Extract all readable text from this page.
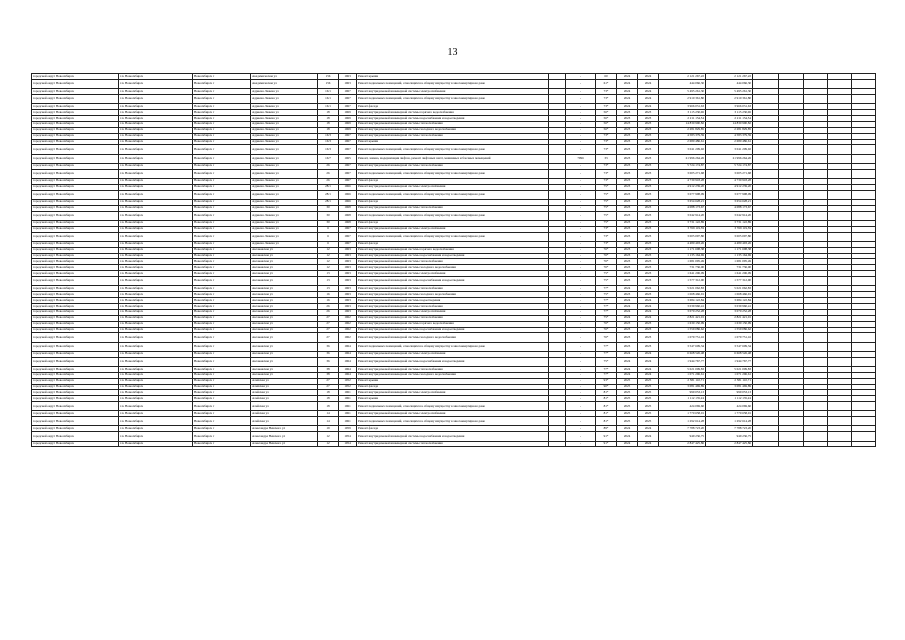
13
городской округ Новосибирск	г.п. Новосибирск	Новосибирск г	Академическая ул	156	1963	Ремонт крыши		-	60	2024	2024	2 121 267,22	2 121 267,22					
городской округ Новосибирск	г.п. Новосибирск	Новосибирск г	Академическая ул	156	1963	Ремонт подвальных помещений, относящихся к общему имуществу в многоквартирном доме		-	61*	2024	2024	444 066,30	444 066,30					
городской округ Новосибирск	г.п. Новосибирск	Новосибирск г	Адриена Лежена ул	16/1	1967	Ремонт внутридомовой инженерной системы электроснабжения		-	73*	2024	2024	5 495 261,30	5 495 261,30					
городской округ Новосибирск	г.п. Новосибирск	Новосибирск г	Адриена Лежена ул	16/1	1967	Ремонт подвальных помещений, относящихся к общему имуществу в многоквартирном доме		-	73*	2024	2024	2 910 361,80	2 910 361,80					
городской округ Новосибирск	г.п. Новосибирск	Новосибирск г	Адриена Лежена ул	16/1	1967	Ремонт фасада		-	73*	2024	2024	3 966 031,63	3 966 031,63					
городской округ Новосибирск	г.п. Новосибирск	Новосибирск г	Адриена Лежена ул	18	1969	Ремонт внутридомовой инженерной системы горячего водоснабжения		-	56*	2023	2023	3 115 230,06	3 115 230,06					
городской округ Новосибирск	г.п. Новосибирск	Новосибирск г	Адриена Лежена ул	18	1969	Ремонт внутридомовой инженерной системы водоснабжения и водоотведения		-	56*	2023	2023	2 211 154,54	2 211 154,54					
городской округ Новосибирск	г.п. Новосибирск	Новосибирск г	Адриена Лежена ул	18	1969	Ремонт внутридомовой инженерной системы теплоснабжения		-	56*	2023	2023	14 830 990,82	14 830 990,82					
городской округ Новосибирск	г.п. Новосибирск	Новосибирск г	Адриена Лежена ул	18	1969	Ремонт внутридомовой инженерной системы холодного водоснабжения		-	56*	2023	2023	2 281 829,85	2 281 829,85					
городской округ Новосибирск	г.п. Новосибирск	Новосибирск г	Адриена Лежена ул	16/3	1967	Ремонт внутридомовой инженерной системы теплоснабжения		-	73*	2023	2023	4 583 379,59	4 583 379,59					
городской округ Новосибирск	г.п. Новосибирск	Новосибирск г	Адриена Лежена ул	16/3	1967	Ремонт крыши		-	73*	2023	2023	2 680 486,61	2 680 486,61					
городской округ Новосибирск	г.п. Новосибирск	Новосибирск г	Адриена Лежена ул	16/3	1967	Ремонт подвальных помещений, относящихся к общему имуществу в многоквартирном доме		-	73*	2023	2023	3 041 209,92	3 041 209,92					
городской округ Новосибирск	г.п. Новосибирск	Новосибирск г	Адриена Лежена ул	16/7	1965	Ремонт, замена, модернизация лифтов, ремонт лифтовых шахт, машинных и блочных помещений		7996	33	2023	2023	21 996 264,26	21 996 264,26					
городской округ Новосибирск	г.п. Новосибирск	Новосибирск г	Адриена Лежена ул	26	1967	Ремонт внутридомовой инженерной системы теплоснабжения		-	73*	2023	2023	5 724 174,87	5 724 174,87					
городской округ Новосибирск	г.п. Новосибирск	Новосибирск г	Адриена Лежена ул	26	1967	Ремонт подвальных помещений, относящихся к общему имуществу в многоквартирном доме		-	73*	2023	2023	3 005 271,68	3 005 271,68					
городской округ Новосибирск	г.п. Новосибирск	Новосибирск г	Адриена Лежена ул	26	1967	Ремонт фасада		-	73*	2023	2023	4 730 918,28	4 730 918,28					
городской округ Новосибирск	г.п. Новосибирск	Новосибирск г	Адриена Лежена ул	28/1	1966	Ремонт внутридомовой инженерной системы электроснабжения		-	75*	2023	2023	4 912 239,20	4 912 239,20					
городской округ Новосибирск	г.п. Новосибирск	Новосибирск г	Адриена Лежена ул	28/1	1966	Ремонт подвальных помещений, относящихся к общему имуществу в многоквартирном доме		-	75*	2023	2023	3 077 998,09	3 077 998,09					
городской округ Новосибирск	г.п. Новосибирск	Новосибирск г	Адриена Лежена ул	28/1	1966	Ремонт фасада		-	75*	2023	2023	3 654 628,21	3 654 628,21					
городской округ Новосибирск	г.п. Новосибирск	Новосибирск г	Адриена Лежена ул	30	1968	Ремонт внутридомовой инженерной системы теплоснабжения		-	75*	2023	2023	4 088 173,67	4 088 173,67					
городской округ Новосибирск	г.п. Новосибирск	Новосибирск г	Адриена Лежена ул	30	1968	Ремонт подвальных помещений, относящихся к общему имуществу в многоквартирном доме		-	75*	2023	2023	3 042 914,20	3 042 914,20					
городской округ Новосибирск	г.п. Новосибирск	Новосибирск г	Адриена Лежена ул	30	1968	Ремонт фасада		-	75*	2023	2023	3 731 122,89	3 731 122,89					
городской округ Новосибирск	г.п. Новосибирск	Новосибирск г	Адриена Лежена ул	6	1967	Ремонт внутридомовой инженерной системы электроснабжения		-	73*	2023	2023	3 769 119,59	3 769 119,59					
городской округ Новосибирск	г.п. Новосибирск	Новосибирск г	Адриена Лежена ул	6	1967	Ремонт подвальных помещений, относящихся к общему имуществу в многоквартирном доме		-	73*	2023	2023	3 005 097,80	3 005 097,80					
городской округ Новосибирск	г.п. Новосибирск	Новосибирск г	Адриена Лежена ул	6	1967	Ремонт фасада		-	73*	2023	2023	4 480 493,26	4 480 493,26					
городской округ Новосибирск	г.п. Новосибирск	Новосибирск г	Аксаковская ул	12	1963	Ремонт внутридомовой инженерной системы горячего водоснабжения		-	76*	2023	2023	1 171 698,38	1 171 698,38					
городской округ Новосибирск	г.п. Новосибирск	Новосибирск г	Аксаковская ул	12	1963	Ремонт внутридомовой инженерной системы водоснабжения и водоотведения		-	76*	2023	2023	1 135 164,69	1 135 164,69					
городской округ Новосибирск	г.п. Новосибирск	Новосибирск г	Аксаковская ул	12	1963	Ремонт внутридомовой инженерной системы теплоснабжения		-	76*	2023	2023	1 681 095,49	1 681 095,49					
городской округ Новосибирск	г.п. Новосибирск	Новосибирск г	Аксаковская ул	12	1963	Ремонт внутридомовой инженерной системы холодного водоснабжения		-	76*	2023	2023	731 736,00	731 736,00					
городской округ Новосибирск	г.п. Новосибирск	Новосибирск г	Аксаковская ул	13	1963	Ремонт внутридомовой инженерной системы электроснабжения		-	75*	2023	2023	1 641 206,09	1 641 206,09					
городской округ Новосибирск	г.п. Новосибирск	Новосибирск г	Аксаковская ул	13	1963	Ремонт внутридомовой инженерной системы водоснабжения и водоотведения		-	75*	2023	2023	1 577 312,90	1 577 312,90					
городской округ Новосибирск	г.п. Новосибирск	Новосибирск г	Аксаковская ул	13	1963	Ремонт внутридомовой инженерной системы теплоснабжения		-	77*	2024	2024	5 021 062,83	5 021 062,83					
городской округ Новосибирск	г.п. Новосибирск	Новосибирск г	Аксаковская ул	16	1963	Ремонт внутридомовой инженерной системы холодного водоснабжения		-	75*	2023	2023	1 068 466,91	1 068 466,91					
городской округ Новосибирск	г.п. Новосибирск	Новосибирск г	Аксаковская ул	16	1963	Ремонт внутридомовой инженерной системы водоотведения		-	77*	2024	2024	3 684 122,84	3 684 122,84					
городской округ Новосибирск	г.п. Новосибирск	Новосибирск г	Аксаковская ул	26	1963	Ремонт внутридомовой инженерной системы теплоснабжения		-	77*	2024	2024	3 039 960,41	3 039 960,41					
городской округ Новосибирск	г.п. Новосибирск	Новосибирск г	Аксаковская ул	26	1963	Ремонт внутридомовой инженерной системы электроснабжения		-	77*	2024	2024	3 070 252,28	3 070 252,28					
городской округ Новосибирск	г.п. Новосибирск	Новосибирск г	Аксаковская ул	27	1962	Ремонт внутридомовой инженерной системы теплоснабжения		-	75*	2024	2024	2 821 421,01	2 821 421,01					
городской округ Новосибирск	г.п. Новосибирск	Новосибирск г	Аксаковская ул	27	1962	Ремонт внутридомовой инженерной системы горячего водоснабжения		-	76*	2023	2023	1 630 150,99	1 630 150,99					
городской округ Новосибирск	г.п. Новосибирск	Новосибирск г	Аксаковская ул	27	1962	Ремонт внутридомовой инженерной системы водоснабжения и водоотведения		-	76*	2023	2023	1 559 086,62	1 559 086,62					
городской округ Новосибирск	г.п. Новосибирск	Новосибирск г	Аксаковская ул	27	1962	Ремонт внутридомовой инженерной системы холодного водоснабжения		-	76*	2023	2023	1 079 751,16	1 079 751,16					
городской округ Новосибирск	г.п. Новосибирск	Новосибирск г	Аксаковская ул	36	1964	Ремонт подвальных помещений, относящихся к общему имуществу в многоквартирном доме		-	77*	2023	2023	3 547 609,34	3 547 609,34					
городской округ Новосибирск	г.п. Новосибирск	Новосибирск г	Аксаковская ул	36	1964	Ремонт внутридомовой инженерной системы электроснабжения		-	77*	2024	2024	6 668 526,48	6 668 526,48					
городской округ Новосибирск	г.п. Новосибирск	Новосибирск г	Аксаковская ул	36	1964	Ремонт внутридомовой инженерной системы водоснабжения и водоотведения		-	75*	2024	2024	1 944 767,77	1 944 767,77					
городской округ Новосибирск	г.п. Новосибирск	Новосибирск г	Аксаковская ул	38	1964	Ремонт внутридомовой инженерной системы теплоснабжения		-	77*	2024	2024	5 021 009,83	5 021 009,83					
городской округ Новосибирск	г.п. Новосибирск	Новосибирск г	Аксаковская ул	38	1964	Ремонт внутридомовой инженерной системы холодного водоснабжения		-	77*	2024	2024	1 071 296,61	1 071 296,61					
городской округ Новосибирск	г.п. Новосибирск	Новосибирск г	Алейская ул	27	1952	Ремонт крыши		-	93*	2025	2025	2 581 110,71	2 581 110,71					
городской округ Новосибирск	г.п. Новосибирск	Новосибирск г	Алейская ул	27	1952	Ремонт фасада		-	90*	2025	2025	3 081 469,89	3 081 469,89					
городской округ Новосибирск	г.п. Новосибирск	Новосибирск г	Алейская ул	18	1961	Ремонт внутридомовой инженерной системы электроснабжения		-	81*	2025	2025	999 053,13	999 053,13					
городской округ Новосибирск	г.п. Новосибирск	Новосибирск г	Алейская ул	18	1961	Ремонт крыши		-	81*	2025	2025	1 112 135,24	1 112 135,24					
городской округ Новосибирск	г.п. Новосибирск	Новосибирск г	Алейская ул	18	1961	Ремонт подвальных помещений, относящихся к общему имуществу в многоквартирном доме		-	81*	2025	2025	424 069,60	424 069,60					
городской округ Новосибирск	г.п. Новосибирск	Новосибирск г	Алейская ул	14	1961	Ремонт внутридомовой инженерной системы электроснабжения		-	81*	2025	2025	1 770 658,01	1 770 658,01					
городской округ Новосибирск	г.п. Новосибирск	Новосибирск г	Алейская ул	14	1961	Ремонт подвальных помещений, относящихся к общему имуществу в многоквартирном доме		-	81*	2025	2025	1 292 614,28	1 292 614,28					
городской округ Новосибирск	г.п. Новосибирск	Новосибирск г	Александра Невского ул	19	1959	Ремонт фасада		-	89*	2024	2024	7 788 723,20	7 788 723,20					
городской округ Новосибирск	г.п. Новосибирск	Новосибирск г	Александра Невского ул	12	1954	Ремонт внутридомовой инженерной системы водоснабжения и водоотведения		-	91*	2024	2024	949 236,75	949 236,75					
городской округ Новосибирск	г.п. Новосибирск	Новосибирск г	Александра Невского ул	12	1954	Ремонт внутридомовой инженерной системы теплоснабжения		-	91*	2024	2024	2 847 425,86	2 847 425,86					
